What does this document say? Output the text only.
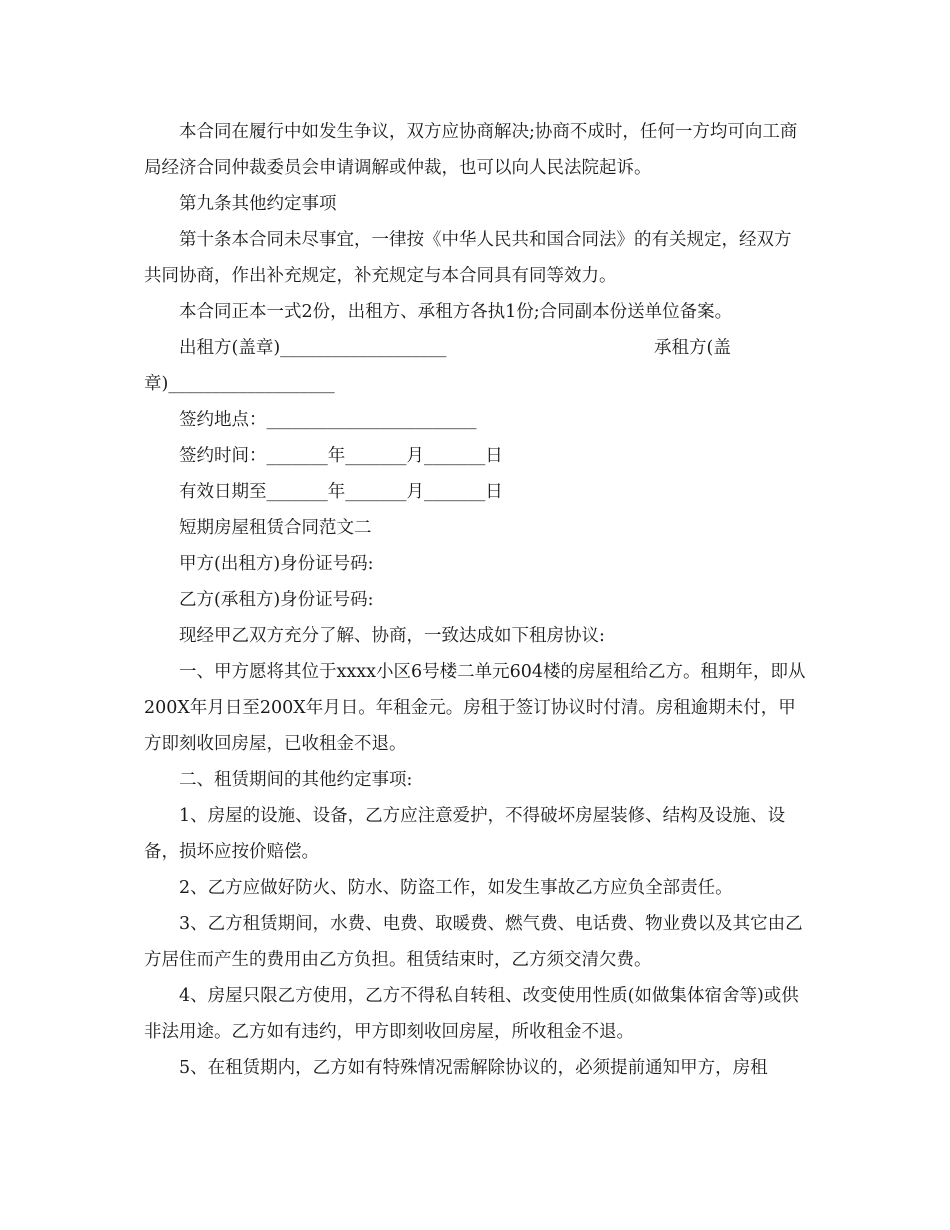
本合同在履行中如发生争议，双方应协商解决;协商不成时，任何一方均可向工商局经济合同仲裁委员会申请调解或仲裁，也可以向人民法院起诉。

第九条其他约定事项

第十条本合同未尽事宜，一律按《中华人民共和国合同法》的有关规定，经双方共同协商，作出补充规定，补充规定与本合同具有同等效力。

本合同正本一式2份，出租方、承租方各执1份;合同副本份送单位备案。

出租方(盖章)___________________	承租方(盖

章)___________________

签约地点：________________________

签约时间：_______年_______月_______日

有效日期至_______年_______月_______日

短期房屋租赁合同范文二

甲方(出租方)身份证号码:

乙方(承租方)身份证号码:

现经甲乙双方充分了解、协商，一致达成如下租房协议:

一、甲方愿将其位于xxxx小区6号楼二单元604楼的房屋租给乙方。租期年，即从200X年月日至200X年月日。年租金元。房租于签订协议时付清。房租逾期未付，甲方即刻收回房屋，已收租金不退。

二、租赁期间的其他约定事项:

1、房屋的设施、设备，乙方应注意爱护，不得破坏房屋装修、结构及设施、设备，损坏应按价赔偿。

2、乙方应做好防火、防水、防盗工作，如发生事故乙方应负全部责任。

3、乙方租赁期间，水费、电费、取暖费、燃气费、电话费、物业费以及其它由乙方居住而产生的费用由乙方负担。租赁结束时，乙方须交清欠费。

4、房屋只限乙方使用，乙方不得私自转租、改变使用性质(如做集体宿舍等)或供非法用途。乙方如有违约，甲方即刻收回房屋，所收租金不退。

5、在租赁期内，乙方如有特殊情况需解除协议的，必须提前通知甲方，房租
